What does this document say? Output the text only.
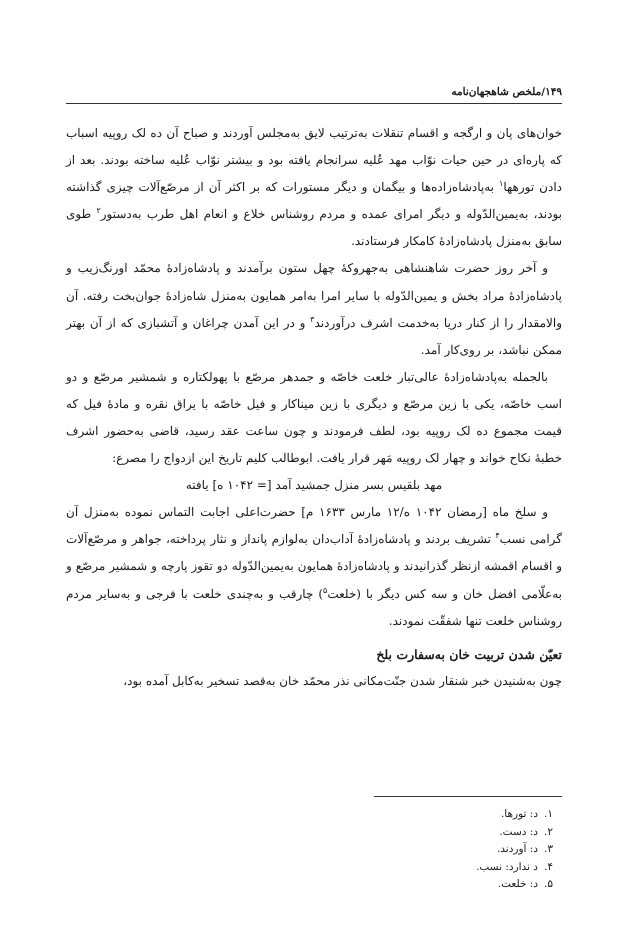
۱۴۹/ملخص شاهجهان‌نامه

خوان‌های پان و ارگجه و اقسام تنقلات به‌ترتیب لایق به‌مجلس آوردند و صباح آن ده لک روپیه اسباب که پاره‌ای در حین حیات نوّاب مهد عُلیه سرانجام یافته بود و بیشتر نوّاب عُلیه ساخته بودند. بعد از دادن تورهها$^۱$ به‌پادشاه‌زاده‌ها و بیگمان و دیگر مستورات که بر اکثر آن از مرصّع‌آلات چیزی گذاشته بودند، به‌یمین‌الدّوله و دیگر امرای عمده و مردم روشناس خلاع و انعام اهل طرب به‌دستور$^۲$ طوی سابق به‌منزل پادشاه‌زادهٔ کامکار فرستادند.

و آخر روز حضرت شاهنشاهی به‌جهروکهٔ چهل ستون برآمدند و پادشاه‌زادهٔ محمّد اورنگ‌زیب و پادشاه‌زادهٔ مراد بخش و یمین‌الدّوله با سایر امرا به‌امر همایون به‌منزل شاه‌زادهٔ جوان‌بخت رفته. آن والامقدار را از کنار دریا به‌خدمت اشرف درآوردند$^۳$ و در این آمدن چراغان و آتشبازی که از آن بهتر ممکن نباشد، بر روی‌کار آمد.

بالجمله به‌پادشاه‌زادهٔ عالی‌تبار خلعت خاصّه و جمدهر مرصّع با پهولکتاره و شمشیر مرصّع و دو اسب خاصّه، یکی با زین مرصّع و دیگری با زین میناکار و فیل خاصّه با یراق نقره و مادهٔ فیل که قیمت مجموع ده لک روپیه بود، لطف فرمودند و چون ساعت عقد رسید، قاضی به‌حضور اشرف خطبهٔ نکاح خواند و چهار لک روپیه مَهر قرار یافت. ابوطالب کلیم تاریخ این ازدواج را مصرع:

مهد بلقیس بسر منزل جمشید آمد [= ۱۰۴۲ ه] یافته

و سلخ ماه [رمضان ۱۰۴۲ ه/۱۲ مارس ۱۶۳۳ م] حضرت‌اعلی اجابت التماس نموده به‌منزل آن گرامی نسب$^۴$ تشریف بردند و پادشاه‌زادهٔ آداب‌دان به‌لوازم پانداز و نثار پرداخته، جواهر و مرصّع‌آلات و اقسام اقمشه ازنظر گذرانیدند و پادشاه‌زادهٔ همایون به‌یمین‌الدّوله دو تقوز پارچه و شمشیر مرصّع و به‌علّامی افضل خان و سه کس دیگر با (خلعت$^۵$) چارقب و به‌چندی خلعت با فرجی و به‌سایر مردم روشناس خلعت تنها شفقّت نمودند.

تعیّن شدن تربیت خان به‌سفارت بلخ

چون به‌شنیدن خبر شنقار شدن جنّت‌مکانی نذر محمّد خان به‌قصد تسخیر به‌کابل آمده بود،

۱.
د: تورها.

۲.
د: دست.

۳.
د: آوردند.

۴.
د ندارد: نسب.

۵.
د: خلعت.
